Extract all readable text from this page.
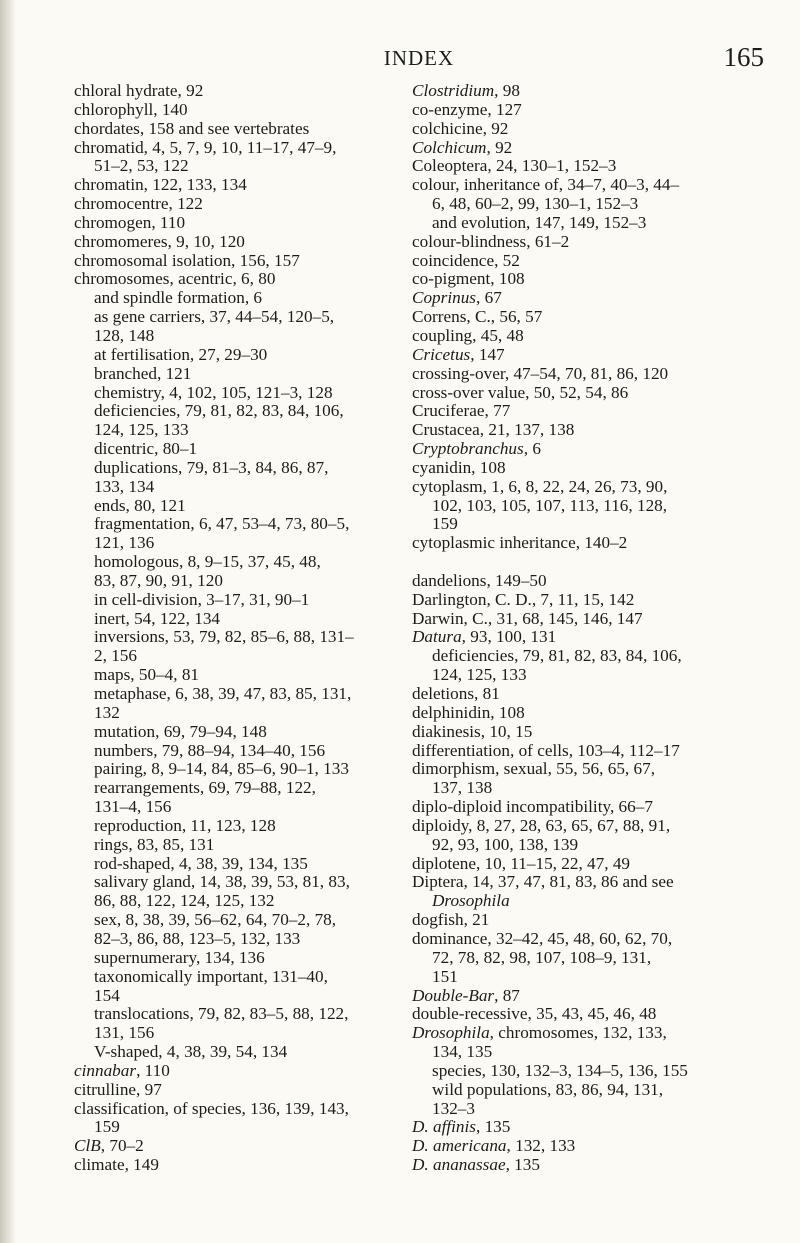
INDEX	165
chloral hydrate, 92
chlorophyll, 140
chordates, 158 and see vertebrates
chromatid, 4, 5, 7, 9, 10, 11–17, 47–9,
51–2, 53, 122
chromatin, 122, 133, 134
chromocentre, 122
chromogen, 110
chromomeres, 9, 10, 120
chromosomal isolation, 156, 157
chromosomes, acentric, 6, 80
and spindle formation, 6
as gene carriers, 37, 44–54, 120–5,
128, 148
at fertilisation, 27, 29–30
branched, 121
chemistry, 4, 102, 105, 121–3, 128
deficiencies, 79, 81, 82, 83, 84, 106,
124, 125, 133
dicentric, 80–1
duplications, 79, 81–3, 84, 86, 87,
133, 134
ends, 80, 121
fragmentation, 6, 47, 53–4, 73, 80–5,
121, 136
homologous, 8, 9–15, 37, 45, 48,
83, 87, 90, 91, 120
in cell-division, 3–17, 31, 90–1
inert, 54, 122, 134
inversions, 53, 79, 82, 85–6, 88, 131–
2, 156
maps, 50–4, 81
metaphase, 6, 38, 39, 47, 83, 85, 131,
132
mutation, 69, 79–94, 148
numbers, 79, 88–94, 134–40, 156
pairing, 8, 9–14, 84, 85–6, 90–1, 133
rearrangements, 69, 79–88, 122,
131–4, 156
reproduction, 11, 123, 128
rings, 83, 85, 131
rod-shaped, 4, 38, 39, 134, 135
salivary gland, 14, 38, 39, 53, 81, 83,
86, 88, 122, 124, 125, 132
sex, 8, 38, 39, 56–62, 64, 70–2, 78,
82–3, 86, 88, 123–5, 132, 133
supernumerary, 134, 136
taxonomically important, 131–40,
154
translocations, 79, 82, 83–5, 88, 122,
131, 156
V-shaped, 4, 38, 39, 54, 134
cinnabar, 110
citrulline, 97
classification, of species, 136, 139, 143,
159
ClB, 70–2
climate, 149
Clostridium, 98
co-enzyme, 127
colchicine, 92
Colchicum, 92
Coleoptera, 24, 130–1, 152–3
colour, inheritance of, 34–7, 40–3, 44–
6, 48, 60–2, 99, 130–1, 152–3
and evolution, 147, 149, 152–3
colour-blindness, 61–2
coincidence, 52
co-pigment, 108
Coprinus, 67
Correns, C., 56, 57
coupling, 45, 48
Cricetus, 147
crossing-over, 47–54, 70, 81, 86, 120
cross-over value, 50, 52, 54, 86
Cruciferae, 77
Crustacea, 21, 137, 138
Cryptobranchus, 6
cyanidin, 108
cytoplasm, 1, 6, 8, 22, 24, 26, 73, 90,
102, 103, 105, 107, 113, 116, 128,
159
cytoplasmic inheritance, 140–2
dandelions, 149–50
Darlington, C. D., 7, 11, 15, 142
Darwin, C., 31, 68, 145, 146, 147
Datura, 93, 100, 131
deficiencies, 79, 81, 82, 83, 84, 106,
124, 125, 133
deletions, 81
delphinidin, 108
diakinesis, 10, 15
differentiation, of cells, 103–4, 112–17
dimorphism, sexual, 55, 56, 65, 67,
137, 138
diplo-diploid incompatibility, 66–7
diploidy, 8, 27, 28, 63, 65, 67, 88, 91,
92, 93, 100, 138, 139
diplotene, 10, 11–15, 22, 47, 49
Diptera, 14, 37, 47, 81, 83, 86 and see
Drosophila
dogfish, 21
dominance, 32–42, 45, 48, 60, 62, 70,
72, 78, 82, 98, 107, 108–9, 131,
151
Double-Bar, 87
double-recessive, 35, 43, 45, 46, 48
Drosophila, chromosomes, 132, 133,
134, 135
species, 130, 132–3, 134–5, 136, 155
wild populations, 83, 86, 94, 131,
132–3
D. affinis, 135
D. americana, 132, 133
D. ananassae, 135
